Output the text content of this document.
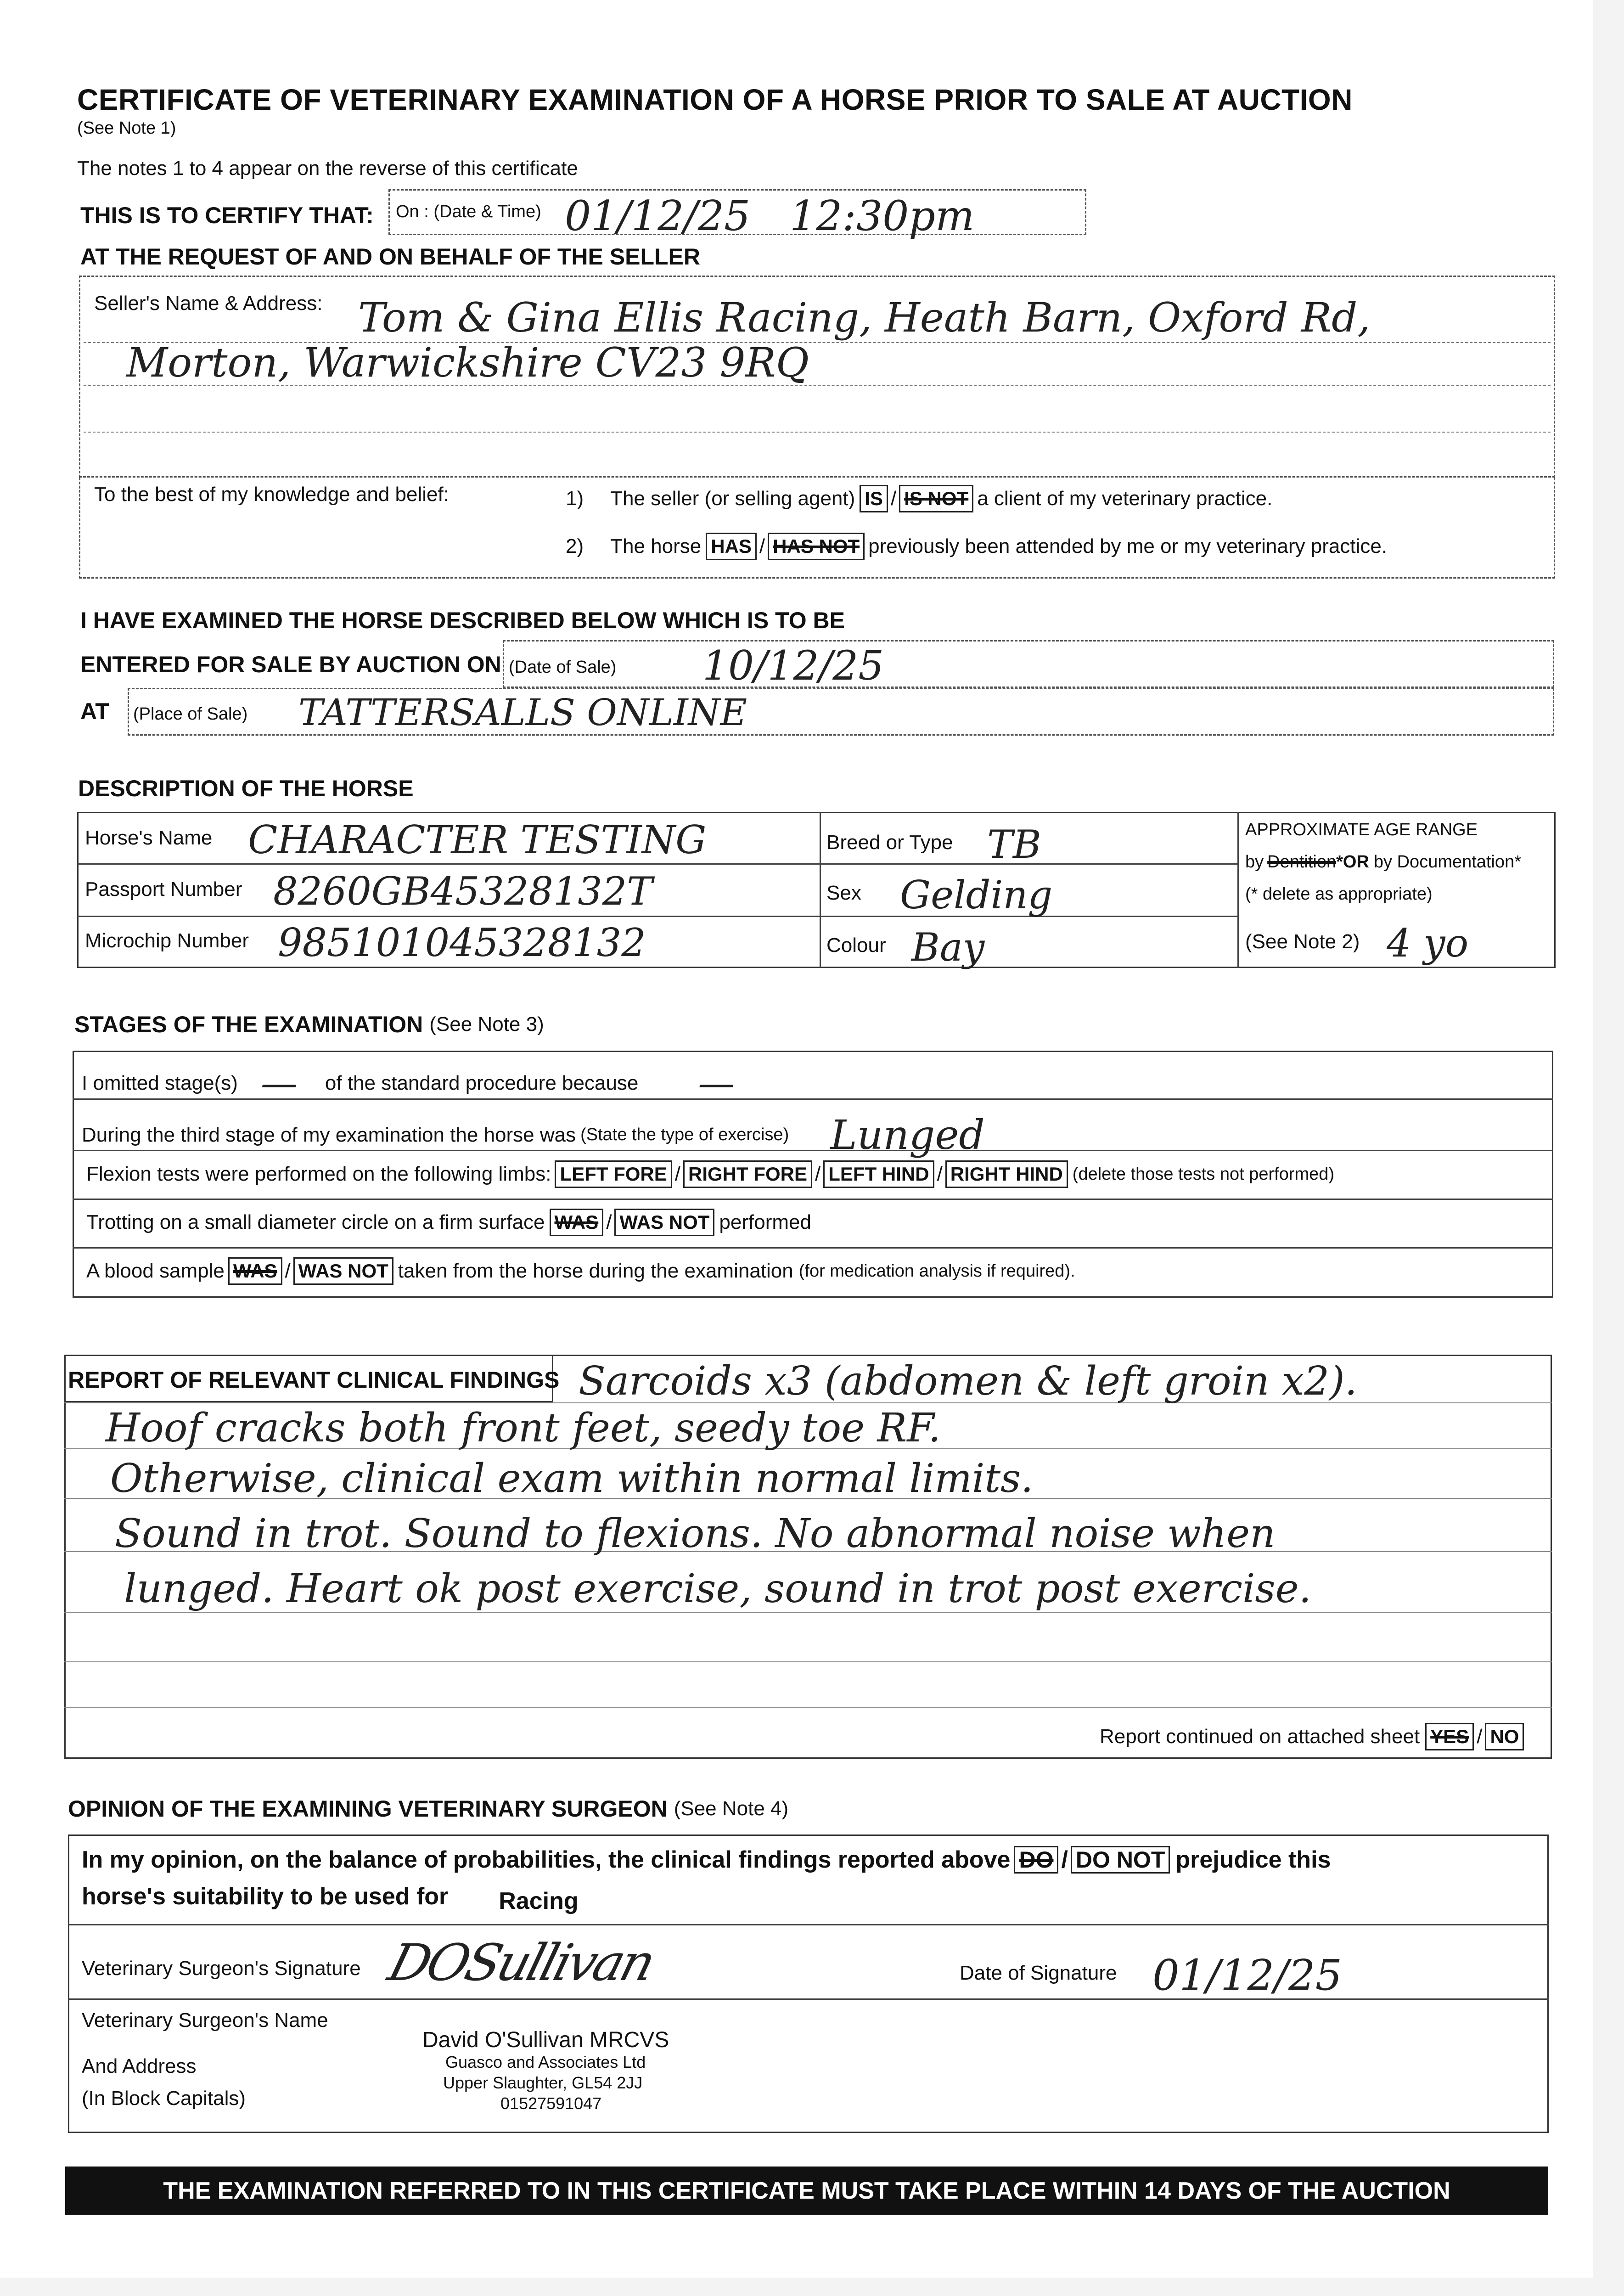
CERTIFICATE OF VETERINARY EXAMINATION OF A HORSE PRIOR TO SALE AT AUCTION
(See Note 1)
The notes 1 to 4 appear on the reverse of this certificate
THIS IS TO CERTIFY THAT: On : (Date & Time) 01/12/25 12:30pm
AT THE REQUEST OF AND ON BEHALF OF THE SELLER
Seller's Name & Address: Tom & Gina Ellis Racing, Heath Barn, Oxford Rd,
Morton, Warwickshire CV23 9RQ
To the best of my knowledge and belief:	1) The seller (or selling agent) IS / IS NOT a client of my veterinary practice.
2) The horse HAS / HAS NOT previously been attended by me or my veterinary practice.
I HAVE EXAMINED THE HORSE DESCRIBED BELOW WHICH IS TO BE
ENTERED FOR SALE BY AUCTION ON (Date of Sale) 10/12/25
AT (Place of Sale) TATTERSALLS ONLINE
DESCRIPTION OF THE HORSE
Horse's Name CHARACTER TESTING
Passport Number 8260GB45328132T
Microchip Number 985101045328132
Breed or Type TB
Sex Gelding
Colour Bay
APPROXIMATE AGE RANGE
by Dentition *OR by Documentation*
(* delete as appropriate)
(See Note 2) 4 yo
STAGES OF THE EXAMINATION (See Note 3)
I omitted stage(s) — of the standard procedure because —
During the third stage of my examination the horse was (State the type of exercise) Lunged
Flexion tests were performed on the following limbs: LEFT FORE / RIGHT FORE / LEFT HIND / RIGHT HIND (delete those tests not performed)
Trotting on a small diameter circle on a firm surface WAS / WAS NOT performed
A blood sample WAS / WAS NOT taken from the horse during the examination (for medication analysis if required).
REPORT OF RELEVANT CLINICAL FINDINGS Sarcoids x3 (abdomen & left groin x2).
Hoof cracks both front feet, seedy toe RF.
Otherwise, clinical exam within normal limits.
Sound in trot. Sound to flexions. No abnormal noise when
lunged. Heart ok post exercise, sound in trot post exercise.
Report continued on attached sheet YES / NO
OPINION OF THE EXAMINING VETERINARY SURGEON (See Note 4)
In my opinion, on the balance of probabilities, the clinical findings reported above DO / DO NOT prejudice this
horse's suitability to be used for Racing
Veterinary Surgeon's Signature DOSullivan	Date of Signature 01/12/25
Veterinary Surgeon's Name
And Address
(In Block Capitals)
David O'Sullivan MRCVS
Guasco and Associates Ltd
Upper Slaughter, GL54 2JJ
01527591047
THE EXAMINATION REFERRED TO IN THIS CERTIFICATE MUST TAKE PLACE WITHIN 14 DAYS OF THE AUCTION
